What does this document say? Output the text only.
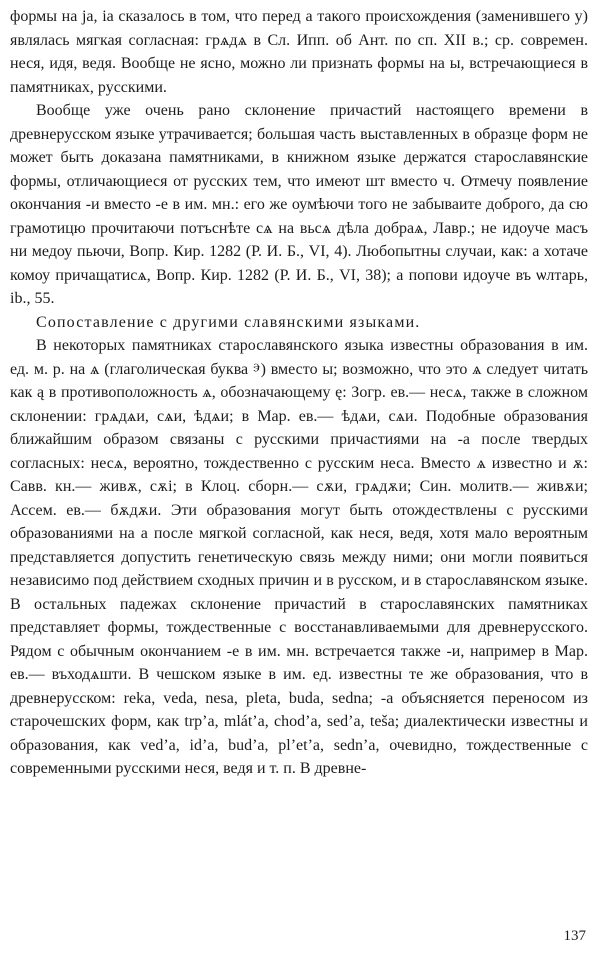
формы на ja, ia сказалось в том, что перед a такого происхождения (заменившего y) являлась мягкая согласная: грѧдѧ в Сл. Ипп. об Ант. по сп. XII в.; ср. современ. неся, идя, ведя. Вообще не ясно, можно ли признать формы на ы, встречающиеся в памятниках, русскими.

Вообще уже очень рано склонение причастий настоящего времени в древнерусском языке утрачивается; большая часть выставленных в образце форм не может быть доказана памятниками, в книжном языке держатся старославянские формы, отличающиеся от русских тем, что имеют шт вместо ч. Отмечу появление окончания -и вместо -е в им. мн.: его же оумѣючи того не забываите доброго, да сю грамотицю прочитаючи потъснѣте сѧ на вьсѧ дѣла добраѧ, Лавр.; не идоуче масъ ни медоу пьючи, Вопр. Кир. 1282 (Р. И. Б., VI, 4). Любопытны случаи, как: а хотаче комоу причащатисѧ, Вопр. Кир. 1282 (Р. И. Б., VI, 38); а попови идоуче въ ѡлтарь, ib., 55.

Сопоставление с другими славянскими языками.

В некоторых памятниках старославянского языка известны образования в им. ед. м. р. на ѧ (глаголическая буква ⰵ) вместо ы; возможно, что это ѧ следует читать как ą в противоположность ѧ, обозначающему ę: Зогр. ев.— несѧ, также в сложном склонении: грѧдѧи, сѧи, ѣдѧи; в Мар. ев.— ѣдѧи, сѧи. Подобные образования ближайшим образом связаны с русскими причастиями на -а после твердых согласных: несѧ, вероятно, тождественно с русским неса. Вместо ѧ известно и ѫ: Савв. кн.— живѫ, сѫі; в Клоц. сборн.— сѫи, грѧдѫи; Син. молитв.— живѫи; Ассем. ев.— бѫдѫи. Эти образования могут быть отождествлены с русскими образованиями на а после мягкой согласной, как неся, ведя, хотя мало вероятным представляется допустить генетическую связь между ними; они могли появиться независимо под действием сходных причин и в русском, и в старославянском языке. В остальных падежах склонение причастий в старославянских памятниках представляет формы, тождественные с восстанавливаемыми для древнерусского. Рядом с обычным окончанием -е в им. мн. встречается также -и, например в Мар. ев.— въходѧшти. В чешском языке в им. ед. известны те же образования, что в древнерусском: reka, veda, nesa, pleta, buda, sedna; -a объясняется переносом из старочешских форм, как trp’a, mlát’a, chod’a, sed’a, teša; диалектически известны и образования, как ved’a, id’a, bud’a, pl’et’a, sedn’a, очевидно, тождественные с современными русскими неся, ведя и т. п. В древне-

137
